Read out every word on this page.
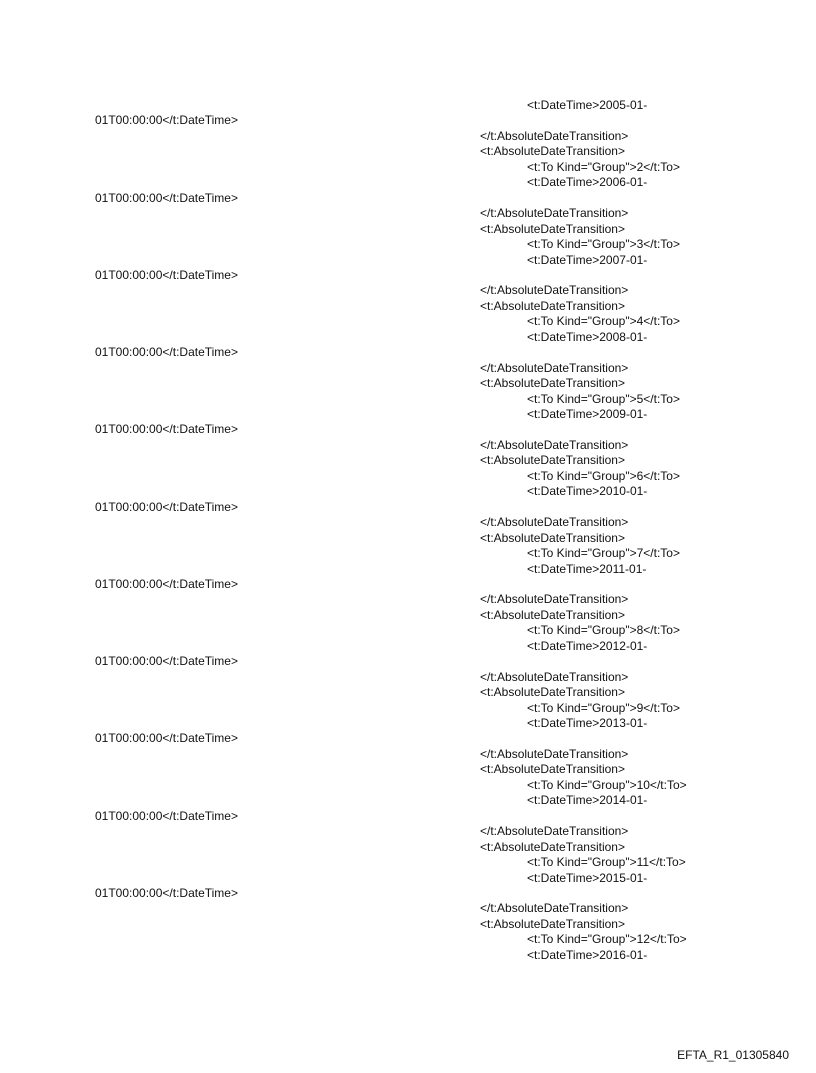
<t:DateTime>2005-01-
01T00:00:00</t:DateTime>
</t:AbsoluteDateTransition>
<t:AbsoluteDateTransition>
<t:To Kind="Group">2</t:To>
<t:DateTime>2006-01-
01T00:00:00</t:DateTime>
</t:AbsoluteDateTransition>
<t:AbsoluteDateTransition>
<t:To Kind="Group">3</t:To>
<t:DateTime>2007-01-
01T00:00:00</t:DateTime>
</t:AbsoluteDateTransition>
<t:AbsoluteDateTransition>
<t:To Kind="Group">4</t:To>
<t:DateTime>2008-01-
01T00:00:00</t:DateTime>
</t:AbsoluteDateTransition>
<t:AbsoluteDateTransition>
<t:To Kind="Group">5</t:To>
<t:DateTime>2009-01-
01T00:00:00</t:DateTime>
</t:AbsoluteDateTransition>
<t:AbsoluteDateTransition>
<t:To Kind="Group">6</t:To>
<t:DateTime>2010-01-
01T00:00:00</t:DateTime>
</t:AbsoluteDateTransition>
<t:AbsoluteDateTransition>
<t:To Kind="Group">7</t:To>
<t:DateTime>2011-01-
01T00:00:00</t:DateTime>
</t:AbsoluteDateTransition>
<t:AbsoluteDateTransition>
<t:To Kind="Group">8</t:To>
<t:DateTime>2012-01-
01T00:00:00</t:DateTime>
</t:AbsoluteDateTransition>
<t:AbsoluteDateTransition>
<t:To Kind="Group">9</t:To>
<t:DateTime>2013-01-
01T00:00:00</t:DateTime>
</t:AbsoluteDateTransition>
<t:AbsoluteDateTransition>
<t:To Kind="Group">10</t:To>
<t:DateTime>2014-01-
01T00:00:00</t:DateTime>
</t:AbsoluteDateTransition>
<t:AbsoluteDateTransition>
<t:To Kind="Group">11</t:To>
<t:DateTime>2015-01-
01T00:00:00</t:DateTime>
</t:AbsoluteDateTransition>
<t:AbsoluteDateTransition>
<t:To Kind="Group">12</t:To>
<t:DateTime>2016-01-
EFTA_R1_01305840
